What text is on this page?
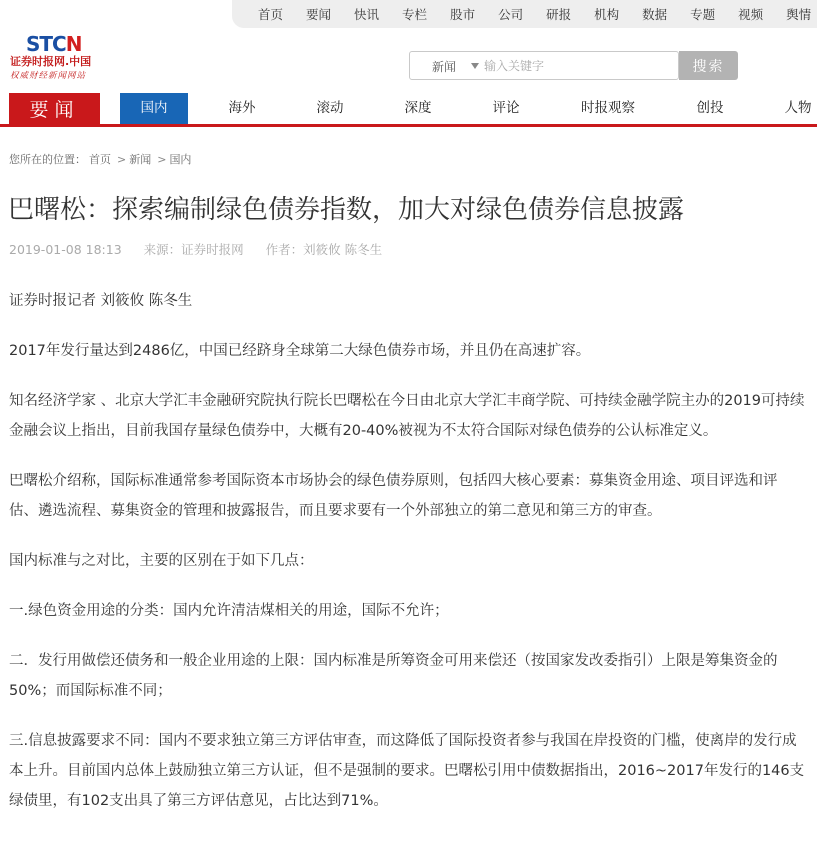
首页 要闻 快讯 专栏 股市 公司 研报 机构 数据 专题 视频 舆情
STCN
证券时报网.中国
权威财经新闻网站
新闻
输入关键字	搜索
要闻	国内	海外	滚动	深度	评论	时报观察	创投	人物
您所在的位置： 首页 > 新闻 > 国内
巴曙松：探索编制绿色债券指数，加大对绿色债券信息披露
2019-01-08 18:13 来源：证券时报网 作者：刘筱攸 陈冬生

证券时报记者 刘筱攸 陈冬生

2017年发行量达到2486亿，中国已经跻身全球第二大绿色债券市场，并且仍在高速扩容。

知名经济学家 、北京大学汇丰金融研究院执行院长巴曙松在今日由北京大学汇丰商学院、可持续金融学院主办的2019可持续金融会议上指出，目前我国存量绿色债券中，大概有20-40%被视为不太符合国际对绿色债券的公认标准定义。

巴曙松介绍称，国际标准通常参考国际资本市场协会的绿色债券原则，包括四大核心要素：募集资金用途、项目评选和评估、遴选流程、募集资金的管理和披露报告，而且要求要有一个外部独立的第二意见和第三方的审查。

国内标准与之对比，主要的区别在于如下几点：

一.绿色资金用途的分类：国内允许清洁煤相关的用途，国际不允许；

二．发行用做偿还债务和一般企业用途的上限：国内标准是所筹资金可用来偿还（按国家发改委指引）上限是筹集资金的50%；而国际标准不同；

三.信息披露要求不同：国内不要求独立第三方评估审查，而这降低了国际投资者参与我国在岸投资的门槛，使离岸的发行成本上升。目前国内总体上鼓励独立第三方认证，但不是强制的要求。巴曙松引用中债数据指出，2016~2017年发行的146支绿债里，有102支出具了第三方评估意见，占比达到71%。
